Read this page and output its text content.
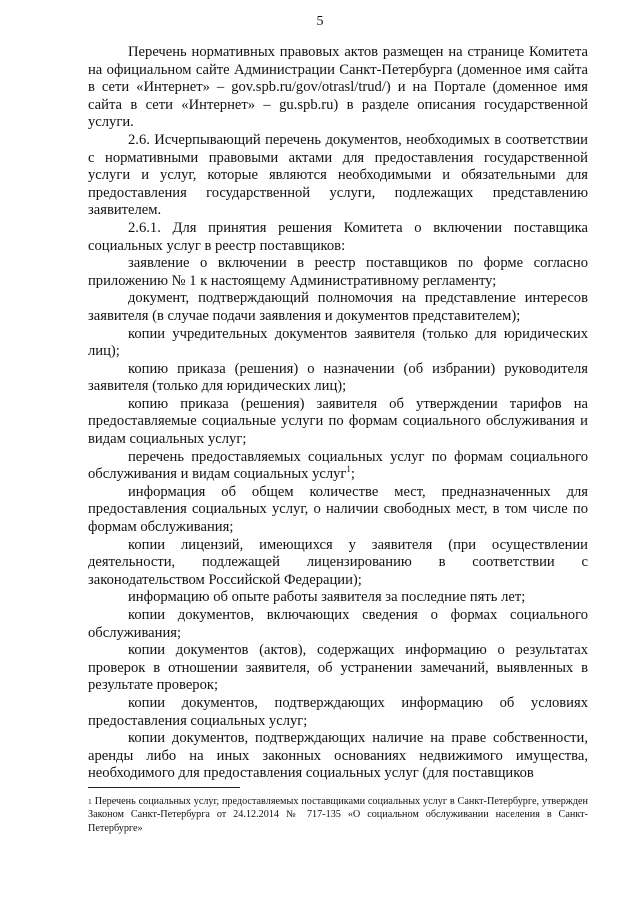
5

Перечень нормативных правовых актов размещен на странице Комитета на официальном сайте Администрации Санкт-Петербурга (доменное имя сайта в сети «Интернет» – gov.spb.ru/gov/otrasl/trud/) и на Портале (доменное имя сайта в сети «Интернет» – gu.spb.ru) в разделе описания государственной услуги.

2.6. Исчерпывающий перечень документов, необходимых в соответствии с нормативными правовыми актами для предоставления государственной услуги и услуг, которые являются необходимыми и обязательными для предоставления государственной услуги, подлежащих представлению заявителем.

2.6.1. Для принятия решения Комитета о включении поставщика социальных услуг в реестр поставщиков:

заявление о включении в реестр поставщиков по форме согласно приложению № 1 к настоящему Административному регламенту;

документ, подтверждающий полномочия на представление интересов заявителя (в случае подачи заявления и документов представителем);

копии учредительных документов заявителя (только для юридических лиц);

копию приказа (решения) о назначении (об избрании) руководителя заявителя (только для юридических лиц);

копию приказа (решения) заявителя об утверждении тарифов на предоставляемые социальные услуги по формам социального обслуживания и видам социальных услуг;

перечень предоставляемых социальных услуг по формам социального обслуживания и видам социальных услуг$^1$;

информация об общем количестве мест, предназначенных для предоставления социальных услуг, о наличии свободных мест, в том числе по формам обслуживания;

копии лицензий, имеющихся у заявителя (при осуществлении деятельности, подлежащей лицензированию в соответствии с законодательством Российской Федерации);

информацию об опыте работы заявителя за последние пять лет;

копии документов, включающих сведения о формах социального обслуживания;

копии документов (актов), содержащих информацию о результатах проверок в отношении заявителя, об устранении замечаний, выявленных в результате проверок;

копии документов, подтверждающих информацию об условиях предоставления социальных услуг;

копии документов, подтверждающих наличие на праве собственности, аренды либо на иных законных основаниях недвижимого имущества, необходимого для предоставления социальных услуг (для поставщиков

$^1$ Перечень социальных услуг, предоставляемых поставщиками социальных услуг в Санкт-Петербурге, утвержден Законом Санкт-Петербурга от 24.12.2014 № 717-135 «О социальном обслуживании населения в Санкт-Петербурге»
